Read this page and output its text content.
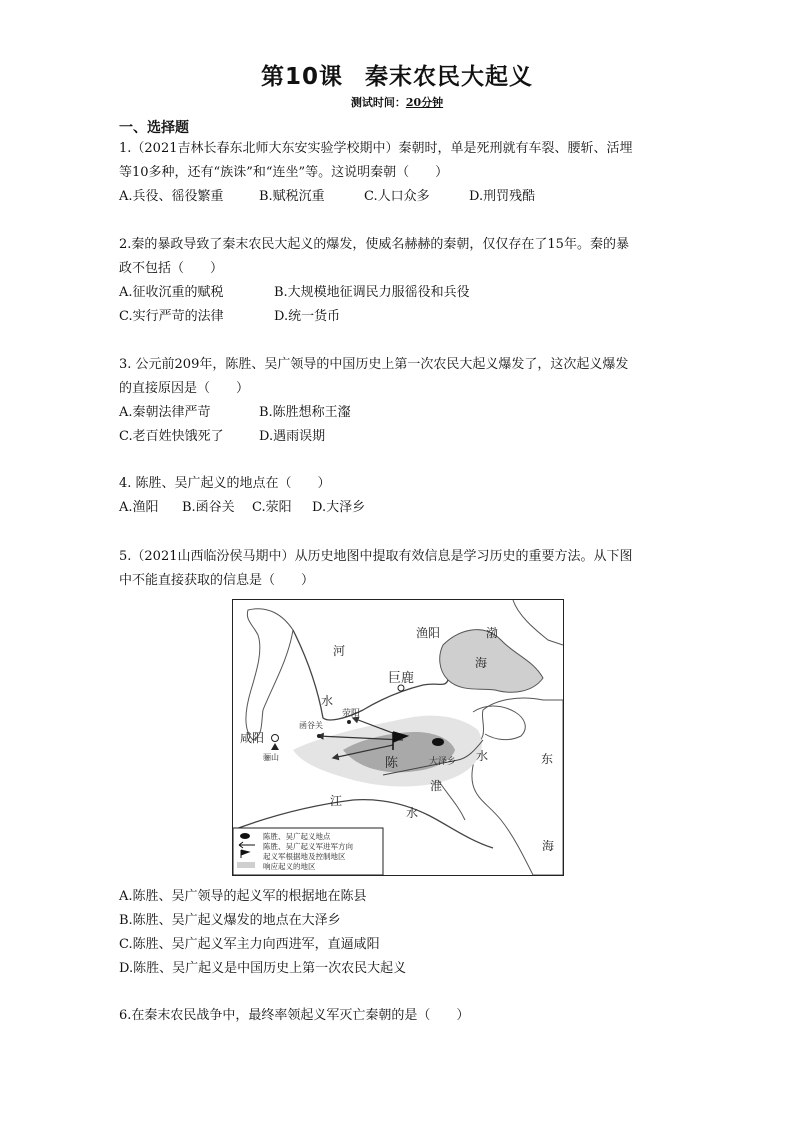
第10课 秦末农民大起义
测试时间：20分钟
一、选择题
1.（2021吉林长春东北师大东安实验学校期中）秦朝时，单是死刑就有车裂、腰斩、活埋
等10多种，还有“族诛”和“连坐”等。这说明秦朝（　　）
A.兵役、徭役繁重	B.赋税沉重	C.人口众多	D.刑罚残酷
2.秦的暴政导致了秦末农民大起义的爆发，使威名赫赫的秦朝，仅仅存在了15年。秦的暴
政不包括（　　）
A.征收沉重的赋税	B.大规模地征调民力服徭役和兵役
C.实行严苛的法律	D.统一货币
3. 公元前209年，陈胜、吴广领导的中国历史上第一次农民大起义爆发了，这次起义爆发
的直接原因是（　　）
A.秦朝法律严苛	B.陈胜想称王瀣
C.老百姓快饿死了	D.遇雨误期
4. 陈胜、吴广起义的地点在（　　）
A.渔阳 B.函谷关 C.荥阳 D.大泽乡
5.（2021山西临汾侯马期中）从历史地图中提取有效信息是学习历史的重要方法。从下图
中不能直接获取的信息是（　　）
渔阳	渤
海
河
巨鹿
水
荥阳
函谷关
咸阳
骊山	陈	大泽乡
淮
水	东
江
水
海
陈胜、吴广起义地点
陈胜、吴广起义军进军方向
起义军根据地及控制地区
响应起义的地区
A.陈胜、吴广领导的起义军的根据地在陈县
B.陈胜、吴广起义爆发的地点在大泽乡
C.陈胜、吴广起义军主力向西进军，直逼咸阳
D.陈胜、吴广起义是中国历史上第一次农民大起义
6.在秦末农民战争中，最终率领起义军灭亡秦朝的是（　　）
